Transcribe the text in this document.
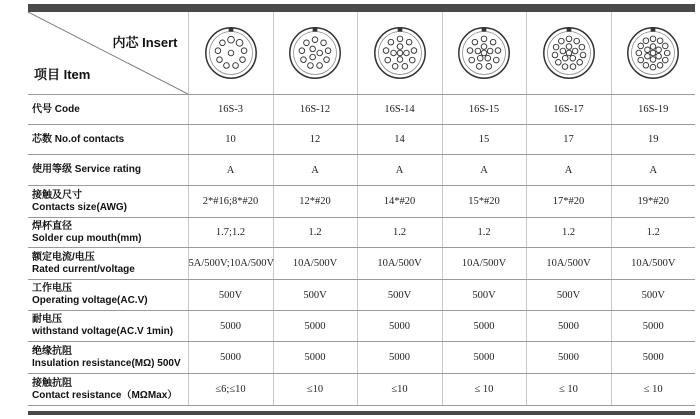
内芯 Insert
项目 Item

代号 Code	16S-3	16S-12	16S-14	16S-15	16S-17	16S-19
芯数 No.of contacts	10	12	14	15	17	19
使用等级 Service rating	A	A	A	A	A	A
接触及尺寸
Contacts size(AWG)	2*#16;8*#20	12*#20	14*#20	15*#20	17*#20	19*#20
焊杯直径
Solder cup mouth(mm)	1.7;1.2	1.2	1.2	1.2	1.2	1.2
额定电流/电压
Rated current/voltage	5A/500V;10A/500V	10A/500V	10A/500V	10A/500V	10A/500V	10A/500V
工作电压
Operating voltage(AC.V)	500V	500V	500V	500V	500V	500V
耐电压
withstand voltage(AC.V 1min)	5000	5000	5000	5000	5000	5000
绝缘抗阻
Insulation resistance(MΩ) 500V	5000	5000	5000	5000	5000	5000
接触抗阻
Contact resistance（MΩMax）	≤6;≤10	≤10	≤10	≤ 10	≤ 10	≤ 10
